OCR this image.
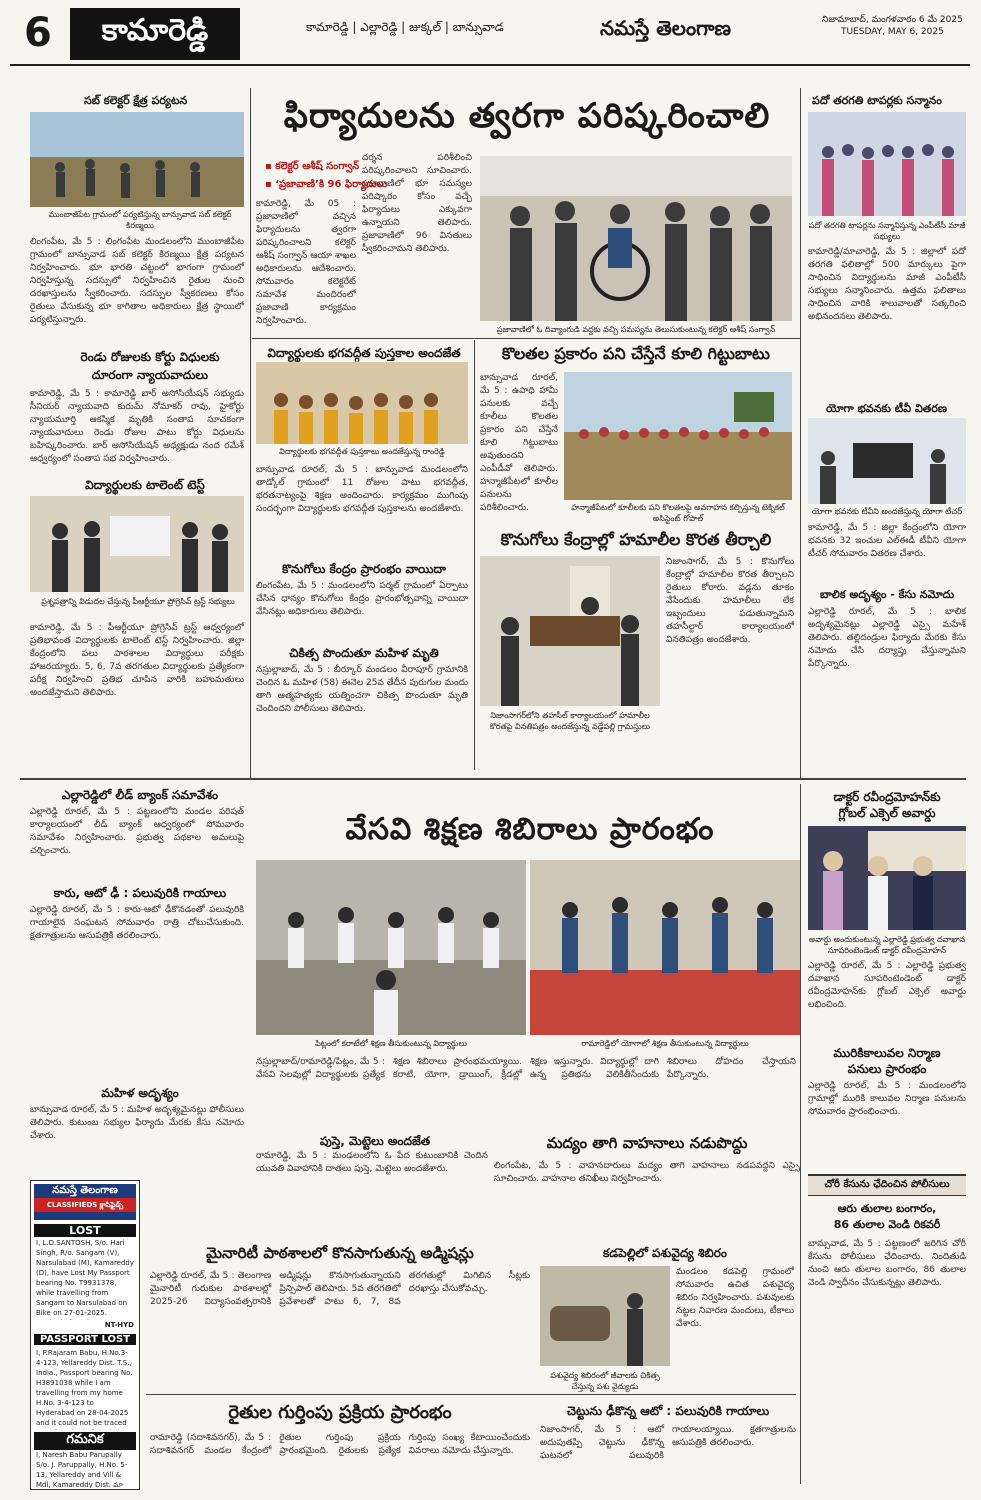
6	కామారెడ్డి	కామారెడ్డి | ఎల్లారెడ్డి | జుక్కల్ | బాన్సువాడ	నమస్తే తెలంగాణ	నిజామాబాద్, మంగళవారం 6 మే 2025
TUESDAY, MAY 6, 2025
సబ్ కలెక్టర్ క్షేత్ర పర్యటన
ముంబాజీపేట గ్రామంలో పర్యటిస్తున్న బాన్సువాడ సబ్ కలెక్టర్ కిరణ్మయి
లింగంపేట, మే 5 : లింగంపేట మండలంలోని ముంబాజీపేట గ్రామంలో బాన్సువాడ సబ్ కలెక్టర్ కిరణ్మయి క్షేత్ర పర్యటన నిర్వహించారు. భూ భారతి చట్టంలో భాగంగా గ్రామంలో నిర్వహిస్తున్న సదస్సులో నిర్వహించిన రైతుల నుంచి దరఖాస్తులను స్వీకరించారు. సదస్సుల స్వీకరణలు కోసం రైతులు వేసుకున్న భూ కాగితాల అధికారులు క్షేత్ర స్థాయిలో పర్యటిస్తున్నారు.
రెండు రోజులకు కోర్టు విధులకు
దూరంగా న్యాయవాదులు
కామారెడ్డి, మే 5 : కామారెడ్డి బార్ అసోసియేషన్ సభ్యుడు సీనియర్ న్యాయవాది కురుమ్ నోమాకర్ రావు, హైకోర్టు న్యాయమూర్తి ఆకస్మిక మృతికి సంతాప సూచకంగా న్యాయవాదులు రెండు రోజుల పాటు కోర్టు విధులను బహిష్కరించారు. బార్ అసోసియేషన్ అధ్యక్షుడు నంద రమేశ్ ఆధ్వర్యంలో సంతాప సభ నిర్వహించారు.
విద్యార్థులకు టాలెంట్ టెస్ట్
ప్రశ్నపత్రాన్ని విడుదల చేస్తున్న పీఆర్టీయూ ప్రోగ్రెసివ్ ట్రస్ట్ సభ్యులు
కామారెడ్డి, మే 5 : పీఆర్టీయూ ప్రోగ్రెసివ్ ట్రస్ట్ ఆధ్వర్యంలో ప్రతిభావంత విద్యార్థులకు టాలెంట్ టెస్ట్ నిర్వహించారు. జిల్లా కేంద్రంలోని పలు పాఠశాలల విద్యార్థులు పరీక్షకు హాజరయ్యారు. 5, 6, 7వ తరగతుల విద్యార్థులకు ప్రత్యేకంగా పరీక్ష నిర్వహించి ప్రతిభ చూపిన వారికి బహుమతులు అందజేస్తామని తెలిపారు.
ఫిర్యాదులను త్వరగా పరిష్కరించాలి
▪ కలెక్టర్ ఆశీష్ సంగ్వాన్
▪ ‘ప్రజావాణి’కి 96 ఫిర్యాదులు
కామారెడ్డి, మే 05 : ప్రజావాణిలో వచ్చిన ఫిర్యాదులను త్వరగా పరిష్కరించాలని కలెక్టర్ ఆశీష్ సంగ్వాన్ ఆయా శాఖల అధికారులను ఆదేశించారు. సోమవారం కలెక్టరేట్ సమావేశ మందిరంలో ప్రజావాణి కార్యక్రమం నిర్వహించారు.
దర్శన పరిశీలించి పరిష్కరించాలని సూచించారు. ప్రజావాణిలో భూ సమస్యల పరిష్కారం కోసం వచ్చే ఫిర్యాదులు ఎక్కువగా ఉన్నాయని తెలిపారు. ప్రజావాణిలో 96 వినతులు స్వీకరించామని తెలిపారు.
ప్రజావాణిలో ఓ దివ్యాంగుడి వద్దకు వచ్చి సమస్యను తెలుసుకుంటున్న కలెక్టర్ ఆశీష్ సంగ్వాన్
విద్యార్థులకు భగవద్గీత పుస్తకాల అందజేత
విద్యార్థులకు భగవద్గీత పుస్తకాలు అందజేస్తున్న రాంరెడ్డి
బాన్సువాడ రూరల్, మే 5 : బాన్సువాడ మండలంలోని తాడ్కోల్ గ్రామంలో 11 రోజుల పాటు భగవద్గీత, భరతనాట్యంపై శిక్షణ అందించారు. కార్యక్రమం ముగింపు సందర్భంగా విద్యార్థులకు భగవద్గీత పుస్తకాలను అందజేశారు.
కొనుగోలు కేంద్రం ప్రారంభం వాయిదా
లింగంపేట, మే 5 : మండలంలోని పర్మల్ గ్రామంలో ఏర్పాటు చేసిన ధాన్యం కొనుగోలు కేంద్రం ప్రారంభోత్సవాన్ని వాయిదా వేసినట్లు అధికారులు తెలిపారు.
చికిత్స పొందుతూ మహిళ మృతి
నస్రుల్లాబాద్, మే 5 : బీర్కూర్ మండలం వీరాపూర్ గ్రామానికి చెందిన ఓ మహిళ (58) ఈనెల 25వ తేదీన పురుగుల మందు తాగి ఆత్మహత్యకు యత్నించగా చికిత్స పొందుతూ మృతి చెందిందని పోలీసులు తెలిపారు.
కొలతల ప్రకారం పని చేస్తేనే కూలి గిట్టుబాటు
బాన్సువాడ రూరల్, మే 5 : ఉపాధి హామీ పనులకు వచ్చే కూలీలు కొలతల ప్రకారం పని చేస్తేనే కూలి గిట్టుబాటు అవుతుందని ఎంపీడీవో తెలిపారు. హన్మాజీపేటలో కూలీల పనులను పరిశీలించారు.	హన్మాజీపేటలో కూలీలకు పని కొలతలపై అవగాహన కల్పిస్తున్న టెక్నికల్ అసిస్టెంట్ గోపాల్
కొనుగోలు కేంద్రాల్లో హమాలీల కొరత తీర్చాలి
నిజాంసాగర్‌లోని తహసీల్ కార్యాలయంలో హమాలీల కొరతపై వినతిపత్రం అందజేస్తున్న వడ్డేపల్లి గ్రామస్తులు
నిజాంసాగర్, మే 5 : కొనుగోలు కేంద్రాల్లో హమాలీల కొరత తీర్చాలని రైతులు కోరారు. వడ్లను తూకం వేసేందుకు హమాలీలు లేక ఇబ్బందులు పడుతున్నామని తహసీల్దార్ కార్యాలయంలో వినతిపత్రం అందజేశారు.
పదో తరగతి టాపర్లకు సన్మానం
పదో తరగతి టాపర్లను సన్మానిస్తున్న ఎంపీటీసీ మాజీ సభ్యులు
కామారెడ్డి/మాచారెడ్డి, మే 5 : జిల్లాలో పదో తరగతి ఫలితాల్లో 500 మార్కులు పైగా సాధించిన విద్యార్థులను మాజీ ఎంపీటీసీ సభ్యులు సన్మానించారు. ఉత్తమ ఫలితాలు సాధించిన వారికి శాలువాలతో సత్కరించి అభినందనలు తెలిపారు.
యోగా భవనకు టీవీ వితరణ
యోగా భవనకు టీవీని అందజేస్తున్న యోగా టీచర్
కామారెడ్డి, మే 5 : జిల్లా కేంద్రంలోని యోగా భవనకు 32 ఇంచుల ఎల్ఈడీ టీవీని యోగా టీచర్ సోమవారం వితరణ చేశారు.
బాలిక అదృశ్యం - కేసు నమోదు
ఎల్లారెడ్డి రూరల్, మే 5 : బాలిక అదృశ్యమైనట్లు ఎల్లారెడ్డి ఎస్సై మహేశ్ తెలిపారు. తల్లిదండ్రుల ఫిర్యాదు మేరకు కేసు నమోదు చేసి దర్యాప్తు చేస్తున్నామని పేర్కొన్నారు.
ఎల్లారెడ్డిలో లీడ్ బ్యాంక్ సమావేశం
ఎల్లారెడ్డి రూరల్, మే 5 : పట్టణంలోని మండల పరిషత్ కార్యాలయంలో లీడ్ బ్యాంక్ ఆధ్వర్యంలో సోమవారం సమావేశం నిర్వహించారు. ప్రభుత్వ పథకాల అమలుపై చర్చించారు.
కారు, ఆటో ఢీ : పలువురికి గాయాలు
ఎల్లారెడ్డి రూరల్, మే 5 : కారు-ఆటో ఢీకొనడంతో పలువురికి గాయాలైన సంఘటన సోమవారం రాత్రి చోటుచేసుకుంది. క్షతగాత్రులను ఆసుపత్రికి తరలించారు.
మహిళ అదృశ్యం
బాన్సువాడ రూరల్, మే 5 : మహిళ అదృశ్యమైనట్లు పోలీసులు తెలిపారు. కుటుంబ సభ్యుల ఫిర్యాదు మేరకు కేసు నమోదు చేశారు.
వేసవి శిక్షణ శిబిరాలు ప్రారంభం
పిట్లంలో కరాటేలో శిక్షణ తీసుకుంటున్న విద్యార్థులు	రామారెడ్డిలో యోగాలో శిక్షణ తీసుకుంటున్న విద్యార్థులు
నస్రుల్లాబాద్/రామారెడ్డి/పిట్లం, మే 5 : వేసవి సెలవుల్లో విద్యార్థులకు ప్రత్యేక శిక్షణ శిబిరాలు ప్రారంభమయ్యాయి. కరాటే, యోగా, డ్రాయింగ్, క్రీడల్లో శిక్షణ ఇస్తున్నారు. విద్యార్థుల్లో దాగి ఉన్న ప్రతిభను వెలికితీసేందుకు శిబిరాలు దోహదం చేస్తాయని పేర్కొన్నారు.
పుస్తె, మెట్టెలు అందజేత
రామారెడ్డి, మే 5 : మండలంలోని ఓ పేద కుటుంబానికి చెందిన యువతి వివాహానికి దాతలు పుస్తె, మెట్టెలు అందజేశారు.
మద్యం తాగి వాహనాలు నడుపొద్దు
లింగంపేట, మే 5 : వాహనదారులు మద్యం తాగి వాహనాలు నడపవద్దని ఎస్సై సూచించారు. వాహనాల తనిఖీలు నిర్వహించారు.
డాక్టర్ రవీంద్రమోహన్‌కు
గ్లోబల్ ఎక్సెల్ అవార్డు
అవార్డు అందుకుంటున్న ఎల్లారెడ్డి ప్రభుత్వ దవాఖాన సూపరింటెండెంట్ డాక్టర్ రవీంద్రమోహన్
ఎల్లారెడ్డి రూరల్, మే 5 : ఎల్లారెడ్డి ప్రభుత్వ దవాఖాన సూపరింటెండెంట్ డాక్టర్ రవీంద్రమోహన్‌కు గ్లోబల్ ఎక్సెల్ అవార్డు లభించింది.
మురికికాలువల నిర్మాణ
పనులు ప్రారంభం
ఎల్లారెడ్డి రూరల్, మే 5 : మండలంలోని గ్రామాల్లో మురికి కాలువల నిర్మాణ పనులను సోమవారం ప్రారంభించారు.
చోరీ కేసును ఛేదించిన పోలీసులు
ఆరు తులాల బంగారం,
86 తులాల వెండి రికవరీ
బాన్సువాడ, మే 5 : పట్టణంలో జరిగిన చోరీ కేసును పోలీసులు ఛేదించారు. నిందితుడి నుంచి ఆరు తులాల బంగారం, 86 తులాల వెండి స్వాధీనం చేసుకున్నట్లు తెలిపారు.
నమస్తే తెలంగాణ
CLASSIFIEDS క్లాసిఫైడ్స్
LOST
I, L.D.SANTOSH, S/o. Hari Singh, R/o. Sangam (V), Narsulabad (M), Kamareddy (D), have Lost My Passport bearing No. T9931378, while travelling from Sangam to Narsulabad on Bike on 27-01-2025.
NT-HYD
PASSPORT LOST
I, P.Rajaram Babu, H.No.3-4-123, Yellareddy Dist. T.S., India., Passport bearing No. H3891038 while I am travelling from my home H.No. 3-4-123 to Hyderabad on 28-04-2025 and it could not be traced
గమనిక
I, Naresh Babu Parupally S/o. J. Paruppally, H.No. 5-13, Yellareddy and Vill & Mdl, Kamareddy Dist. మా
మైనారిటీ పాఠశాలలో కొనసాగుతున్న అడ్మిషన్లు
ఎల్లారెడ్డి రూరల్, మే 5 : తెలంగాణ మైనారిటీ గురుకుల పాఠశాలల్లో 2025-26 విద్యాసంవత్సరానికి అడ్మిషన్లు కొనసాగుతున్నాయని ప్రిన్సిపాల్ తెలిపారు. 5వ తరగతిలో ప్రవేశాలతో పాటు 6, 7, 8వ తరగతుల్లో మిగిలిన సీట్లకు దరఖాస్తు చేసుకోవచ్చు.
కడపెల్లిలో పశువైద్య శిబిరం
పశువైద్య శిబిరంలో జీవాలకు చికిత్స చేస్తున్న పశు వైద్యుడు
మండలం కడపెల్లి గ్రామంలో సోమవారం ఉచిత పశువైద్య శిబిరం నిర్వహించారు. పశువులకు నట్టల నివారణ మందులు, టీకాలు వేశారు.
రైతుల గుర్తింపు ప్రక్రియ ప్రారంభం
రామారెడ్డి (సదాశివనగర్), మే 5 : సదాశివనగర్ మండల కేంద్రంలో రైతుల గుర్తింపు ప్రక్రియ ప్రారంభమైంది. రైతులకు ప్రత్యేక గుర్తింపు సంఖ్య కేటాయించేందుకు వివరాలు నమోదు చేస్తున్నారు.
చెట్టును ఢీకొన్న ఆటో : పలువురికి గాయాలు
నిజాంసాగర్, మే 5 : ఆటో అదుపుతప్పి చెట్టును ఢీకొన్న ఘటనలో పలువురికి గాయాలయ్యాయి. క్షతగాత్రులను ఆసుపత్రికి తరలించారు.
